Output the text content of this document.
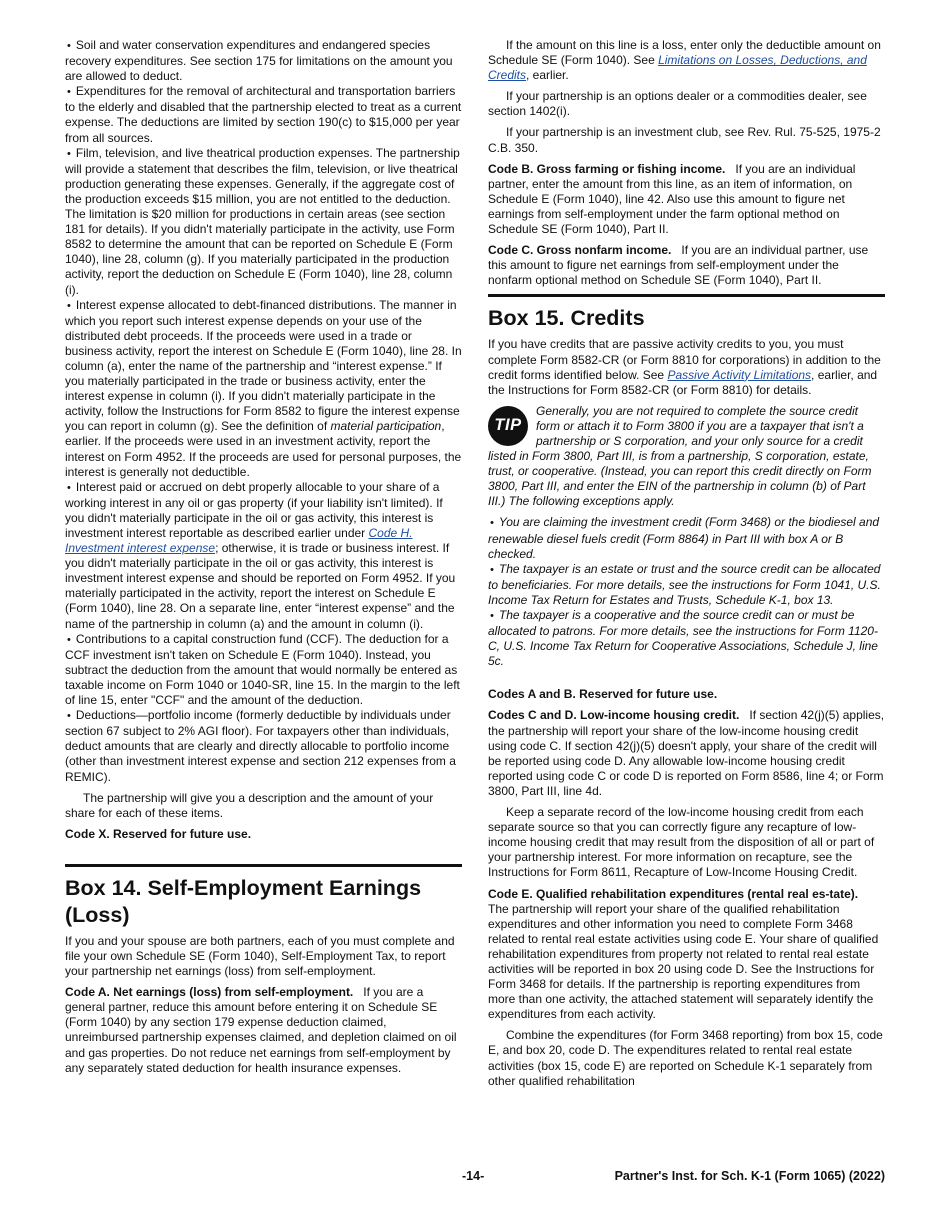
• Soil and water conservation expenditures and endangered species recovery expenditures. See section 175 for limitations on the amount you are allowed to deduct.

• Expenditures for the removal of architectural and transportation barriers to the elderly and disabled that the partnership elected to treat as a current expense. The deductions are limited by section 190(c) to $15,000 per year from all sources.

• Film, television, and live theatrical production expenses. The partnership will provide a statement that describes the film, television, or live theatrical production generating these expenses. Generally, if the aggregate cost of the production exceeds $15 million, you are not entitled to the deduction. The limitation is $20 million for productions in certain areas (see section 181 for details). If you didn't materially participate in the activity, use Form 8582 to determine the amount that can be reported on Schedule E (Form 1040), line 28, column (g). If you materially participated in the production activity, report the deduction on Schedule E (Form 1040), line 28, column (i).

• Interest expense allocated to debt-financed distributions. The manner in which you report such interest expense depends on your use of the distributed debt proceeds. If the proceeds were used in a trade or business activity, report the interest on Schedule E (Form 1040), line 28. In column (a), enter the name of the partnership and “interest expense.” If you materially participated in the trade or business activity, enter the interest expense in column (i). If you didn't materially participate in the activity, follow the Instructions for Form 8582 to figure the interest expense you can report in column (g). See the definition of material participation, earlier. If the proceeds were used in an investment activity, report the interest on Form 4952. If the proceeds are used for personal purposes, the interest is generally not deductible.

• Interest paid or accrued on debt properly allocable to your share of a working interest in any oil or gas property (if your liability isn't limited). If you didn't materially participate in the oil or gas activity, this interest is investment interest reportable as described earlier under Code H. Investment interest expense; otherwise, it is trade or business interest. If you didn't materially participate in the oil or gas activity, this interest is investment interest expense and should be reported on Form 4952. If you materially participated in the activity, report the interest on Schedule E (Form 1040), line 28. On a separate line, enter “interest expense” and the name of the partnership in column (a) and the amount in column (i).

• Contributions to a capital construction fund (CCF). The deduction for a CCF investment isn't taken on Schedule E (Form 1040). Instead, you subtract the deduction from the amount that would normally be entered as taxable income on Form 1040 or 1040-SR, line 15. In the margin to the left of line 15, enter "CCF" and the amount of the deduction.

• Deductions—portfolio income (formerly deductible by individuals under section 67 subject to 2% AGI floor). For taxpayers other than individuals, deduct amounts that are clearly and directly allocable to portfolio income (other than investment interest expense and section 212 expenses from a REMIC).

The partnership will give you a description and the amount of your share for each of these items.

Code X. Reserved for future use.

Box 14. Self-Employment Earnings (Loss)

If you and your spouse are both partners, each of you must complete and file your own Schedule SE (Form 1040), Self-Employment Tax, to report your partnership net earnings (loss) from self-employment.

Code A. Net earnings (loss) from self-employment. If you are a general partner, reduce this amount before entering it on Schedule SE (Form 1040) by any section 179 expense deduction claimed, unreimbursed partnership expenses claimed, and depletion claimed on oil and gas properties. Do not reduce net earnings from self-employment by any separately stated deduction for health insurance expenses.

If the amount on this line is a loss, enter only the deductible amount on Schedule SE (Form 1040). See Limitations on Losses, Deductions, and Credits, earlier.

If your partnership is an options dealer or a commodities dealer, see section 1402(i).

If your partnership is an investment club, see Rev. Rul. 75-525, 1975-2 C.B. 350.

Code B. Gross farming or fishing income. If you are an individual partner, enter the amount from this line, as an item of information, on Schedule E (Form 1040), line 42. Also use this amount to figure net earnings from self-employment under the farm optional method on Schedule SE (Form 1040), Part II.

Code C. Gross nonfarm income. If you are an individual partner, use this amount to figure net earnings from self-employment under the nonfarm optional method on Schedule SE (Form 1040), Part II.

Box 15. Credits

If you have credits that are passive activity credits to you, you must complete Form 8582-CR (or Form 8810 for corporations) in addition to the credit forms identified below. See Passive Activity Limitations, earlier, and the Instructions for Form 8582-CR (or Form 8810) for details.

TIP
Generally, you are not required to complete the source credit form or attach it to Form 3800 if you are a taxpayer that isn't a partnership or S corporation, and your only source for a credit listed in Form 3800, Part III, is from a partnership, S corporation, estate, trust, or cooperative. (Instead, you can report this credit directly on Form 3800, Part III, and enter the EIN of the partnership in column (b) of Part III.) The following exceptions apply.

• You are claiming the investment credit (Form 3468) or the biodiesel and renewable diesel fuels credit (Form 8864) in Part III with box A or B checked.

• The taxpayer is an estate or trust and the source credit can be allocated to beneficiaries. For more details, see the instructions for Form 1041, U.S. Income Tax Return for Estates and Trusts, Schedule K-1, box 13.

• The taxpayer is a cooperative and the source credit can or must be allocated to patrons. For more details, see the instructions for Form 1120-C, U.S. Income Tax Return for Cooperative Associations, Schedule J, line 5c.

Codes A and B. Reserved for future use.

Codes C and D. Low-income housing credit. If section 42(j)(5) applies, the partnership will report your share of the low-income housing credit using code C. If section 42(j)(5) doesn't apply, your share of the credit will be reported using code D. Any allowable low-income housing credit reported using code C or code D is reported on Form 8586, line 4; or Form 3800, Part III, line 4d.

Keep a separate record of the low-income housing credit from each separate source so that you can correctly figure any recapture of low-income housing credit that may result from the disposition of all or part of your partnership interest. For more information on recapture, see the Instructions for Form 8611, Recapture of Low-Income Housing Credit.

Code E. Qualified rehabilitation expenditures (rental real es-tate).   The partnership will report your share of the qualified rehabilitation expenditures and other information you need to complete Form 3468 related to rental real estate activities using code E. Your share of qualified rehabilitation expenditures from property not related to rental real estate activities will be reported in box 20 using code D. See the Instructions for Form 3468 for details. If the partnership is reporting expenditures from more than one activity, the attached statement will separately identify the expenditures from each activity.

Combine the expenditures (for Form 3468 reporting) from box 15, code E, and box 20, code D. The expenditures related to rental real estate activities (box 15, code E) are reported on Schedule K-1 separately from other qualified rehabilitation

-14-	Partner's Inst. for Sch. K-1 (Form 1065) (2022)
